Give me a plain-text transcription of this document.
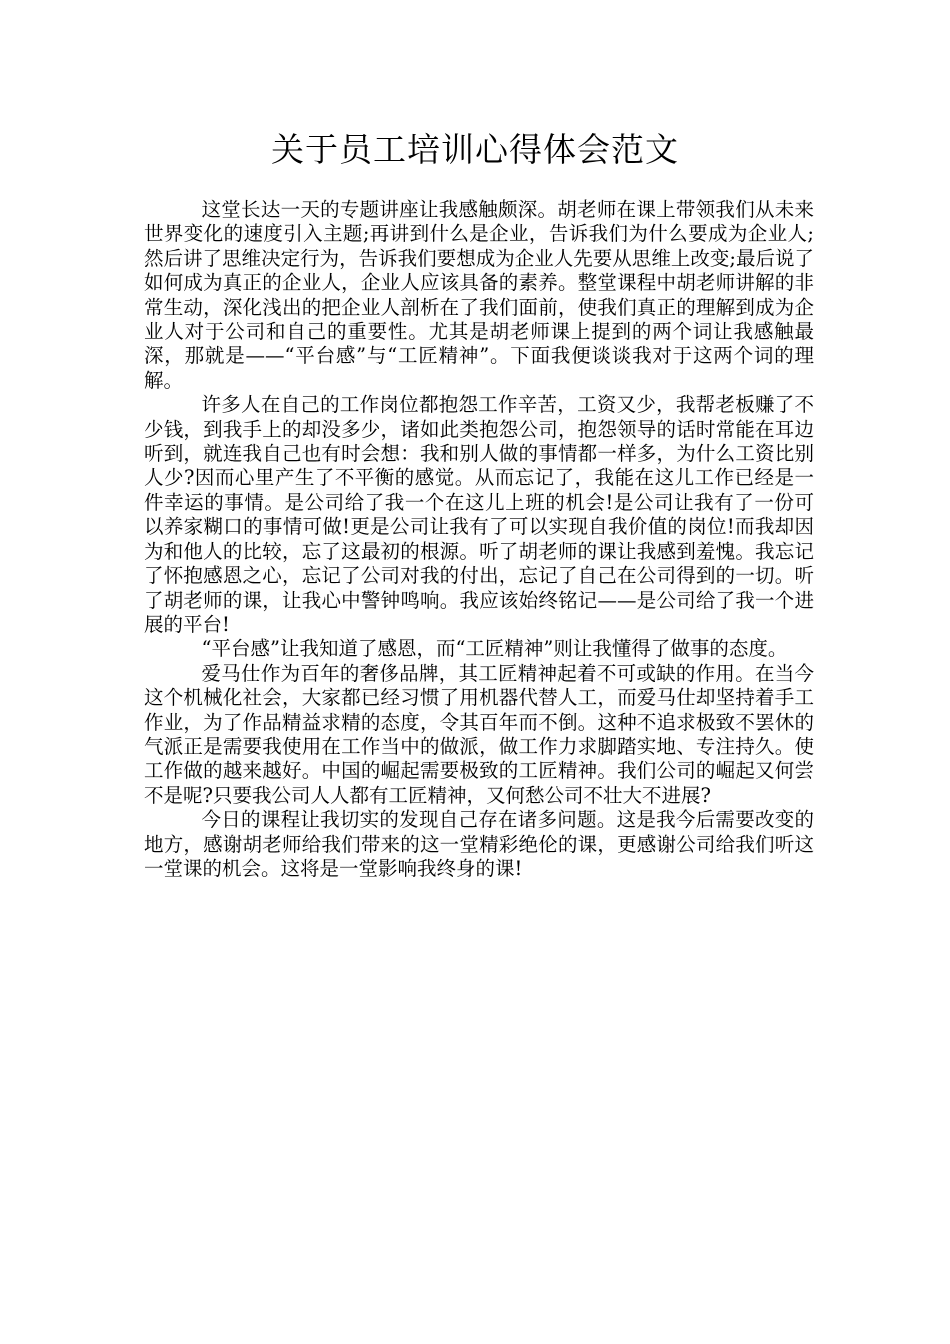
关于员工培训心得体会范文

这堂长达一天的专题讲座让我感触颇深。胡老师在课上带领我们从未来世界变化的速度引入主题;再讲到什么是企业，告诉我们为什么要成为企业人;然后讲了思维决定行为，告诉我们要想成为企业人先要从思维上改变;最后说了如何成为真正的企业人，企业人应该具备的素养。整堂课程中胡老师讲解的非常生动，深化浅出的把企业人剖析在了我们面前，使我们真正的理解到成为企业人对于公司和自己的重要性。尤其是胡老师课上提到的两个词让我感触最深，那就是——“平台感”与“工匠精神”。下面我便谈谈我对于这两个词的理解。

许多人在自己的工作岗位都抱怨工作辛苦，工资又少，我帮老板赚了不少钱，到我手上的却没多少，诸如此类抱怨公司，抱怨领导的话时常能在耳边听到，就连我自己也有时会想：我和别人做的事情都一样多，为什么工资比别人少?因而心里产生了不平衡的感觉。从而忘记了，我能在这儿工作已经是一件幸运的事情。是公司给了我一个在这儿上班的机会!是公司让我有了一份可以养家糊口的事情可做!更是公司让我有了可以实现自我价值的岗位!而我却因为和他人的比较，忘了这最初的根源。听了胡老师的课让我感到羞愧。我忘记了怀抱感恩之心，忘记了公司对我的付出，忘记了自己在公司得到的一切。听了胡老师的课，让我心中警钟鸣响。我应该始终铭记——是公司给了我一个进展的平台!

“平台感”让我知道了感恩，而“工匠精神”则让我懂得了做事的态度。

爱马仕作为百年的奢侈品牌，其工匠精神起着不可或缺的作用。在当今这个机械化社会，大家都已经习惯了用机器代替人工，而爱马仕却坚持着手工作业，为了作品精益求精的态度，令其百年而不倒。这种不追求极致不罢休的气派正是需要我使用在工作当中的做派，做工作力求脚踏实地、专注持久。使工作做的越来越好。中国的崛起需要极致的工匠精神。我们公司的崛起又何尝不是呢?只要我公司人人都有工匠精神，又何愁公司不壮大不进展?

今日的课程让我切实的发现自己存在诸多问题。这是我今后需要改变的地方，感谢胡老师给我们带来的这一堂精彩绝伦的课，更感谢公司给我们听这一堂课的机会。这将是一堂影响我终身的课!
